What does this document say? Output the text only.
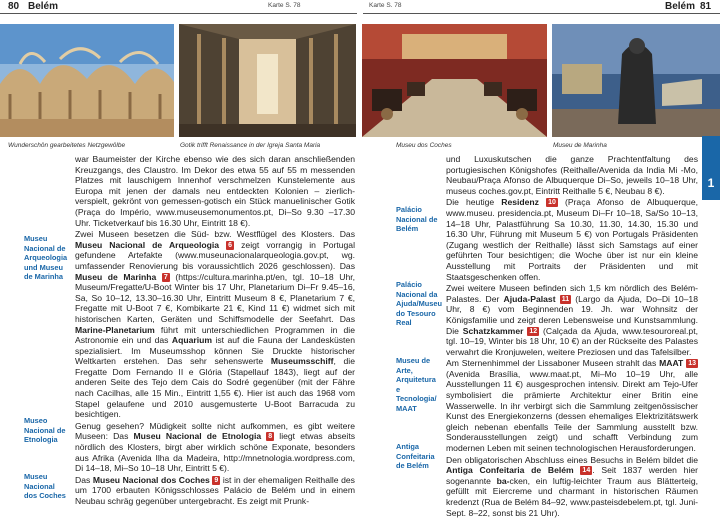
80 Belém	Karte S. 78	Karte S. 78	Belém 81
Wunderschön gearbeitetes Netzgewölbe	Gotik trifft Renaissance in der Igreja Santa Maria	Museu dos Coches	Museu de Marinha
1
Museu Nacional de Arqueologia und Museu de Marinha
Museo Nacional de Etnologia
Museu Nacional dos Coches
Palácio Nacional de Belém
Palácio Nacional da Ajuda/Museu do Tesouro Real
Museu de Arte, Arquitetura e Tecnologia/ MAAT
Antiga Confeitaria de Belém

war Baumeister der Kirche ebenso wie des sich daran anschließenden Kreuzgangs, des Claustro. Im Dekor des etwa 55 auf 55 m messenden Platzes mit lauschigem Innenhof verschmelzen Kunstelemente aus Europa mit jenen der damals neu entdeckten Kolonien – zierlich-verspielt, gekrönt von gemessen-gotisch ein Stück manuelinischer Gotik (Praça do Império, www.museusemonumentos.pt, Di–So 9.30 –17.30 Uhr. Ticketverkauf bis 16.30 Uhr, Eintritt 18 €).

Zwei Museen besetzen die Süd- bzw. Westflügel des Klosters. Das Museu Nacional de Arqueologia 6 zeigt vorrangig in Portugal gefundene Artefakte (www.museunacionalarqueologia.gov.pt, wg. umfassender Renovierung bis voraussichtlich 2026 geschlossen). Das Museu de Marinha 7 (https://cultura.marinha.pt/en, tgl. 10–18 Uhr, Museum/Fregatte/U-Boot Winter bis 17 Uhr, Planetarium Di–Fr 9.45–16, Sa, So 10–12, 13.30–16.30 Uhr, Eintritt Museum 8 €, Planetarium 7 €, Fregatte mit U-Boot 7 €, Kombikarte 21 €, Kind 11 €) widmet sich mit historischen Karten, Geräten und Schiffsmodelle der Seefahrt. Das Marine-Planetarium führt mit unterschiedlichen Programmen in die Astronomie ein und das Aquarium ist auf die Fauna der Landesküsten spezialisiert. Im Museumsshop können Sie Druckte historischer Weltkarten erstehen. Das sehr sehenswerte Museumsschiff, die Fregatte Dom Fernando II e Glória (Stapellauf 1843), liegt auf der anderen Seite des Tejo dem Cais do Sodré gegenüber (mit der Fähre nach Cacilhas, alle 15 Min., Eintritt 1,55 €). Hier ist auch das 1968 vom Stapel gelaufene und 2010 ausgemusterte U-Boot Barracuda zu besichtigen.

Genug gesehen? Müdigkeit sollte nicht aufkommen, es gibt weitere Museen: Das Museu Nacional de Etnologia 8 liegt etwas abseits nördlich des Klosters, birgt aber wirklich schöne Exponate, besonders aus Afrika (Avenida Ilha da Madeira, http://mnetnologia.wordpress.com, Di 14–18, Mi–So 10–18 Uhr, Eintritt 5 €).

Das Museu Nacional dos Coches 9 ist in der ehemaligen Reithalle des um 1700 erbauten Königsschlosses Palácio de Belém und in einem Neubau schräg gegenüber untergebracht. Es zeigt mit Prunk-

und Luxuskutschen die ganze Prachtentfaltung des portugiesischen Königshofes (Reithalle/Avenida da India Mi -Mo, Neubau/Praça Afonso de Albuquerque Di–So, jeweils 10–18 Uhr, museus coches.gov.pt, Eintritt Reithalle 5 €, Neubau 8 €).

Die heutige Residenz 10 (Praça Afonso de Albuquerque, www.museu. presidencia.pt, Museum Di–Fr 10–18, Sa/So 10–13, 14–18 Uhr, Palastführung Sa 10.30, 11.30, 14.30, 15.30 und 16.30 Uhr, Führung mit Museum 5 €) von Portugals Präsidenten (Zugang westlich der Reithalle) lässt sich Samstags auf einer geführten Tour besichtigen; die Woche über ist nur ein kleine Ausstellung mit Portraits der Präsidenten und mit Staatsgeschenken offen.

Zwei weitere Museen befinden sich 1,5 km nördlich des Belém-Palastes. Der Ajuda-Palast 11 (Largo da Ajuda, Do–Di 10–18 Uhr, 8 €) vom Beginnenden 19. Jh. war Wohnsitz der Königsfamilie und zeigt deren Lebensweise und Kunstsammlung. Die Schatzkammer 12 (Calçada da Ajuda, www.tesouroreal.pt, tgl. 10–19, Winter bis 18 Uhr, 10 €) an der Rückseite des Palastes verwahrt die Kronjuwelen, weitere Preziosen und das Tafelsilber.

Am Sternenhimmel der Lissaboner Museen strahlt das MAAT 13 (Avenida Brasília, www.maat.pt, Mi–Mo 10–19 Uhr, alle Ausstellungen 11 €) ausgesprochen intensiv. Direkt am Tejo-Ufer symbolisiert die prämierte Architektur einer Britin eine Wasserwelle. In ihr verbirgt sich die Sammlung zeitgenössischer Kunst des Energiekonzerns (dessen ehemaliges Elektrizitätswerk gleich nebenan ebenfalls Teile der Sammlung ausstellt bzw. Sonderausstellungen zeigt) und schafft Verbindung zum modernen Leben mit seinen technologischen Herausforderungen.

Den obligatorischen Abschluss eines Besuchs in Belém bildet die Antiga Confeitaria de Belém 14 . Seit 1837 werden hier sogenannte ba-cken, ein luftig-leichter Traum aus Blätterteig, gefüllt mit Eiercreme und charmant in historischen Räumen kredenzt (Rua de Belém 84–92, www.pasteisdebelem.pt, tgl. Juni-Sept. 8–22, sonst bis 21 Uhr).
